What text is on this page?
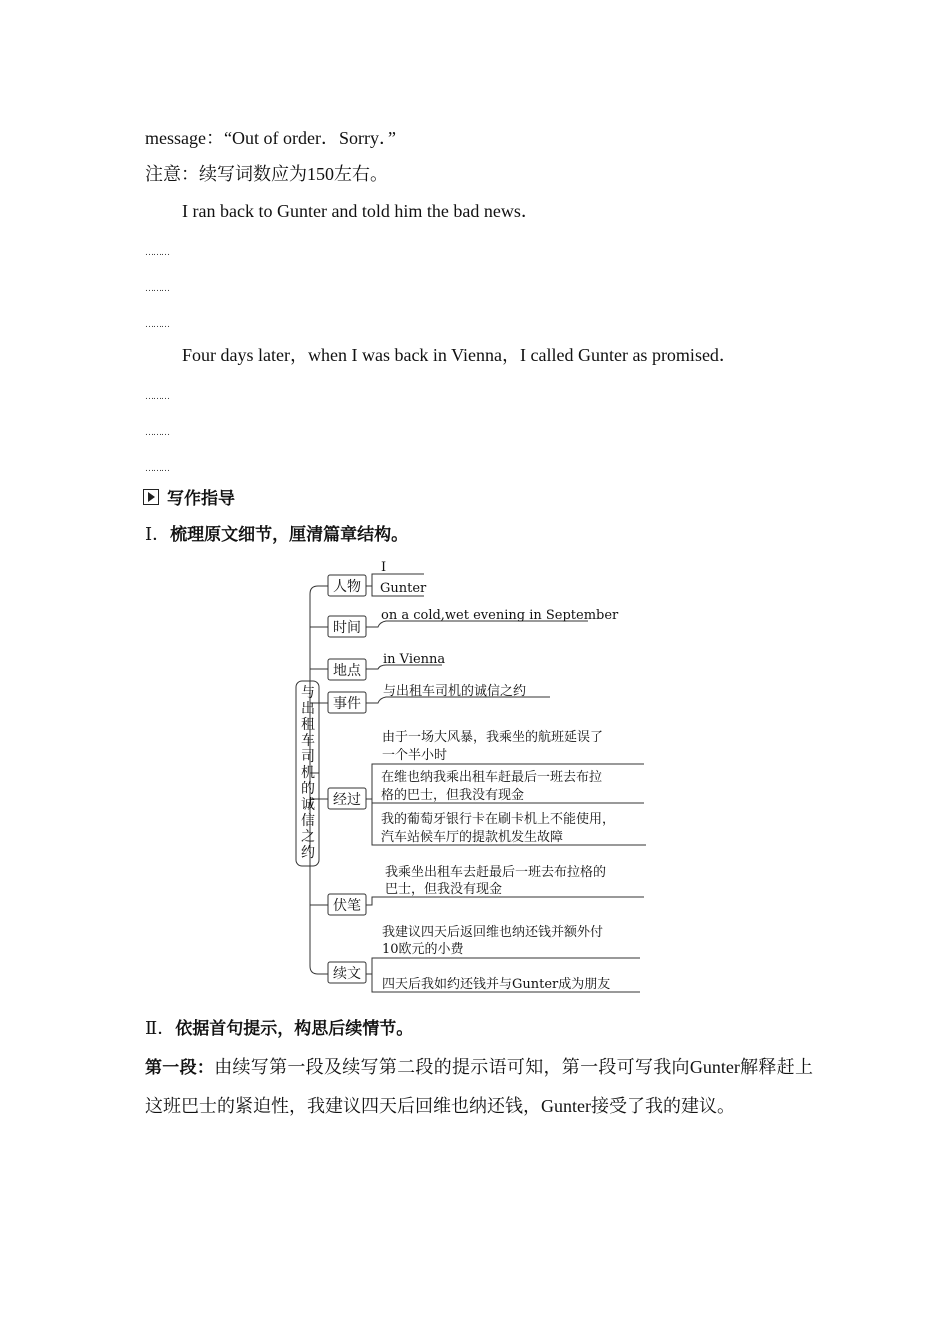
message：“Out of order．Sorry．”
注意：续写词数应为150左右。
I ran back to Gunter and told him the bad news．
………
………
………
Four days later，when I was back in Vienna，I called Gunter as promised．
………
………
………
写作指导
Ⅰ．梳理原文细节，厘清篇章结构。
与
出
租
车
司
机
的
诚
信
之
约
人物
时间
地点
事件
经过
伏笔
续文
I
Gunter
on a cold,wet evening in September
in Vienna
与出租车司机的诚信之约
由于一场大风暴，我乘坐的航班延误了
一个半小时
在维也纳我乘出租车赶最后一班去布拉
格的巴士，但我没有现金
我的葡萄牙银行卡在刷卡机上不能使用，
汽车站候车厅的提款机发生故障
我乘坐出租车去赶最后一班去布拉格的
巴士，但我没有现金
我建议四天后返回维也纳还钱并额外付
10欧元的小费
四天后我如约还钱并与Gunter成为朋友
Ⅱ．依据首句提示，构思后续情节。
第一段：由续写第一段及续写第二段的提示语可知，第一段可写我向Gunter解释赶上这班巴士的紧迫性，我建议四天后回维也纳还钱，Gunter接受了我的建议。
